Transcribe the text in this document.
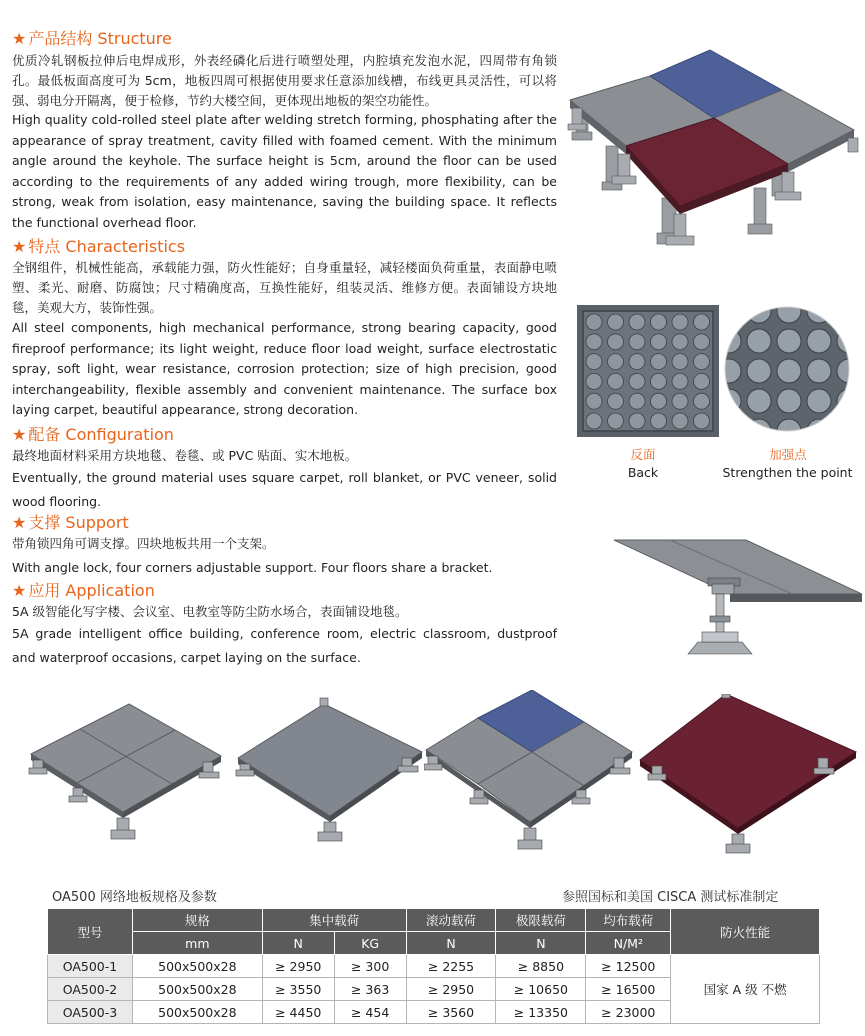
★ 产品结构 Structure
优质冷轧钢板拉伸后电焊成形，外表经磷化后进行喷塑处理，内腔填充发泡水泥，四周带有角锁孔。最低板面高度可为 5cm，地板四周可根据使用要求任意添加线槽，布线更具灵活性，可以将强、弱电分开隔离，便于检修，节约大楼空间，更体现出地板的架空功能性。
High quality cold-rolled steel plate after welding stretch forming, phosphating after the appearance of spray treatment, cavity filled with foamed cement. With the minimum angle around the keyhole. The surface height is 5cm, around the floor can be used according to the requirements of any added wiring trough, more flexibility, can be strong, weak from isolation, easy maintenance, saving the building space. It reflects the functional overhead floor.
★ 特点 Characteristics
全钢组件，机械性能高，承载能力强，防火性能好；自身重量轻，减轻楼面负荷重量，表面静电喷塑、柔光、耐磨、防腐蚀；尺寸精确度高，互换性能好，组装灵活、维修方便。表面铺设方块地毯，美观大方，装饰性强。
All steel components, high mechanical performance, strong bearing capacity, good fireproof performance; its light weight, reduce floor load weight, surface electrostatic spray, soft light, wear resistance, corrosion protection; size of high precision, good interchangeability, flexible assembly and convenient maintenance. The surface box laying carpet, beautiful appearance, strong decoration.
★ 配备 Configuration
最终地面材料采用方块地毯、卷毯、或 PVC 贴面、实木地板。
Eventually, the ground material uses square carpet, roll blanket, or PVC veneer, solid wood flooring.
★ 支撑 Support
带角锁四角可调支撑。四块地板共用一个支架。
With angle lock, four corners adjustable support. Four floors share a bracket.
★ 应用 Application
5A 级智能化写字楼、会议室、电教室等防尘防水场合，表面铺设地毯。
5A grade intelligent office building, conference room, electric classroom, dustproof and waterproof occasions, carpet laying on the surface.
反面
Back
加强点
Strengthen the point
OA500 网络地板规格及参数	参照国标和美国 CISCA 测试标准制定
型号	规格	集中载荷		滚动载荷	极限载荷	均布载荷	防火性能
	mm	N	KG	N	N	N/M²	
OA500-1	500x500x28	≥ 2950	≥ 300	≥ 2255	≥ 8850	≥ 12500	国家 A 级 不燃
OA500-2	500x500x28	≥ 3550	≥ 363	≥ 2950	≥ 10650	≥ 16500	
OA500-3	500x500x28	≥ 4450	≥ 454	≥ 3560	≥ 13350	≥ 23000	
